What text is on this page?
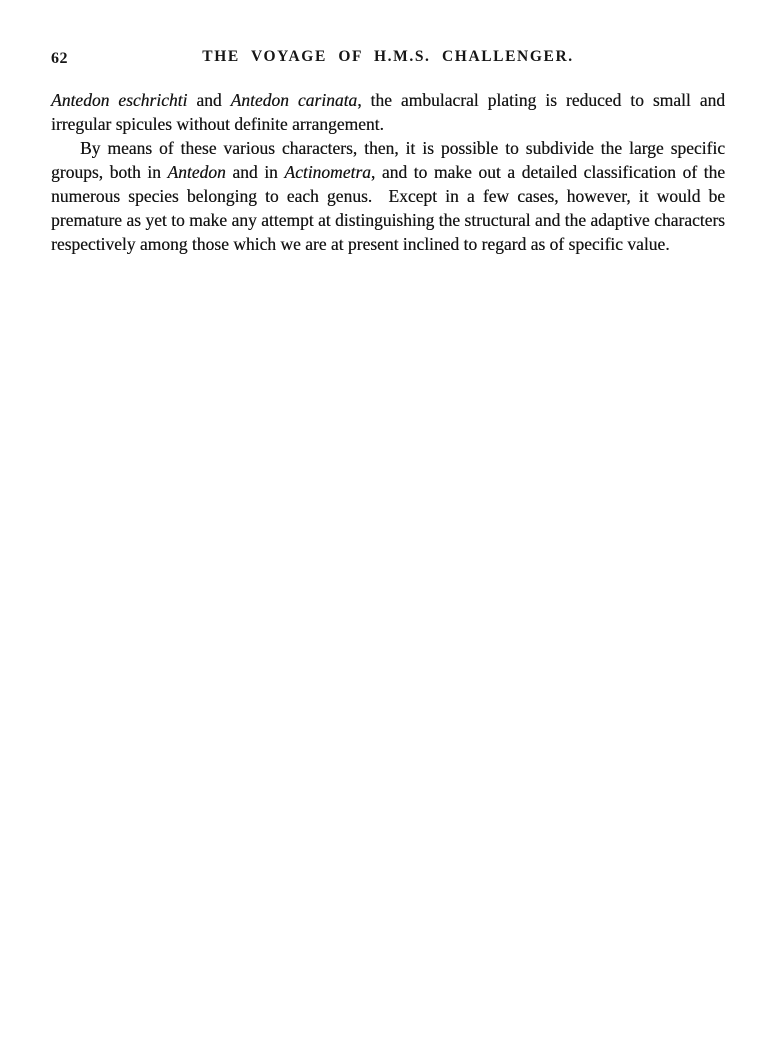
62	THE VOYAGE OF H.M.S. CHALLENGER.

Antedon eschrichti and Antedon carinata, the ambulacral plating is reduced to small and irregular spicules without definite arrangement.

By means of these various characters, then, it is possible to subdivide the large specific groups, both in Antedon and in Actinometra, and to make out a detailed classification of the numerous species belonging to each genus.  Except in a few cases, however, it would be premature as yet to make any attempt at distinguishing the structural and the adaptive characters respectively among those which we are at present inclined to regard as of specific value.
